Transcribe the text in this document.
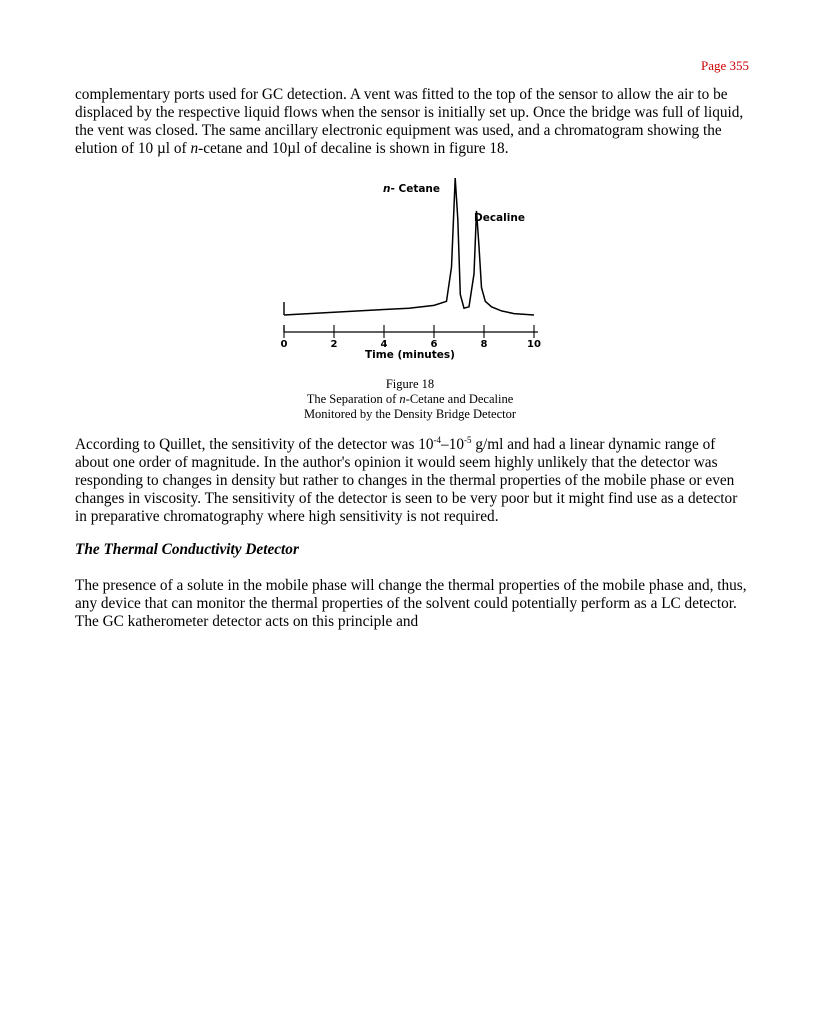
Page 355

complementary ports used for GC detection. A vent was fitted to the top of the sensor to allow the air to be displaced by the respective liquid flows when the sensor is initially set up. Once the bridge was full of liquid, the vent was closed. The same ancillary electronic equipment was used, and a chromatogram showing the elution of 10 µl of n-cetane and 10µl of decaline is shown in figure 18.

0	2	4	6	8	10
n- Cetane
Decaline
Time (minutes)
Figure 18
The Separation of n-Cetane and Decaline
Monitored by the Density Bridge Detector

According to Quillet, the sensitivity of the detector was $10^{-4}-10^{-5}$ g/ml and had a linear dynamic range of about one order of magnitude. In the author's opinion it would seem highly unlikely that the detector was responding to changes in density but rather to changes in the thermal properties of the mobile phase or even changes in viscosity. The sensitivity of the detector is seen to be very poor but it might find use as a detector in preparative chromatography where high sensitivity is not required.

The Thermal Conductivity Detector

The presence of a solute in the mobile phase will change the thermal properties of the mobile phase and, thus, any device that can monitor the thermal properties of the solvent could potentially perform as a LC detector. The GC katherometer detector acts on this principle and
